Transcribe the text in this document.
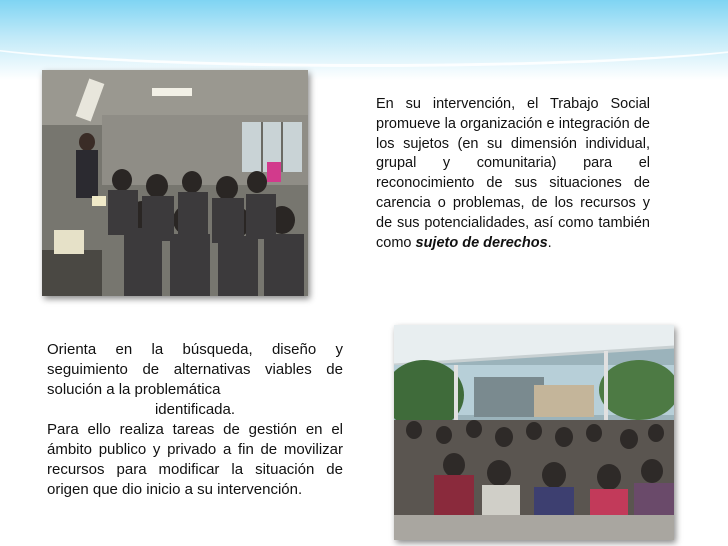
En su intervención, el Trabajo Social promueve la organización e integración de los sujetos (en su dimensión individual, grupal y comunitaria) para el reconocimiento de sus situaciones de carencia o problemas, de los recursos y de sus potencialidades, así como también como sujeto de derechos.

Orienta en la búsqueda, diseño y seguimiento de alternativas viables de solución a la problemática

identificada.

Para ello realiza tareas de gestión en el ámbito publico y privado a fin de movilizar recursos para modificar la situación de origen que dio inicio a su intervención.
